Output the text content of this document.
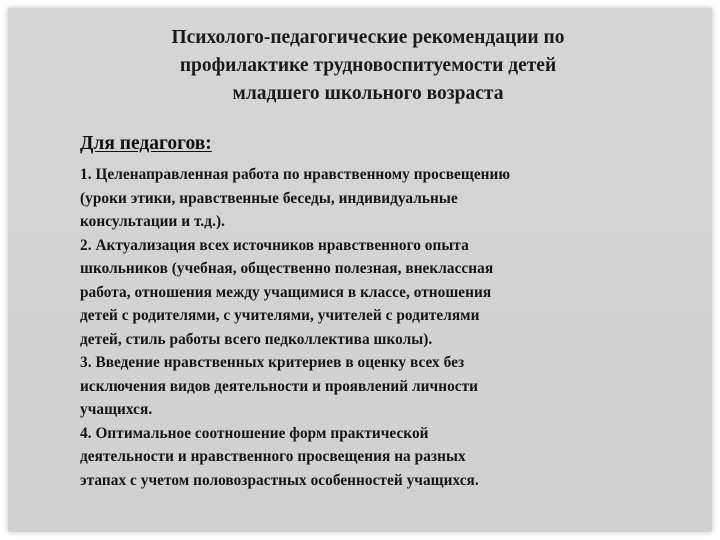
Психолого-педагогические рекомендации по
профилактике трудновоспитуемости детей
младшего школьного возраста
Для педагогов:
1. Целенаправленная работа по нравственному просвещению
(уроки этики, нравственные беседы, индивидуальные
консультации и т.д.).
2. Актуализация всех источников нравственного опыта
школьников (учебная, общественно полезная, внеклассная
работа, отношения между учащимися в классе, отношения
детей с родителями, с учителями, учителей с родителями
детей, стиль работы всего педколлектива школы).
3. Введение нравственных критериев в оценку всех без
исключения видов деятельности и проявлений личности
учащихся.
4. Оптимальное соотношение форм практической
деятельности и нравственного просвещения на разных
этапах с учетом половозрастных особенностей учащихся.
